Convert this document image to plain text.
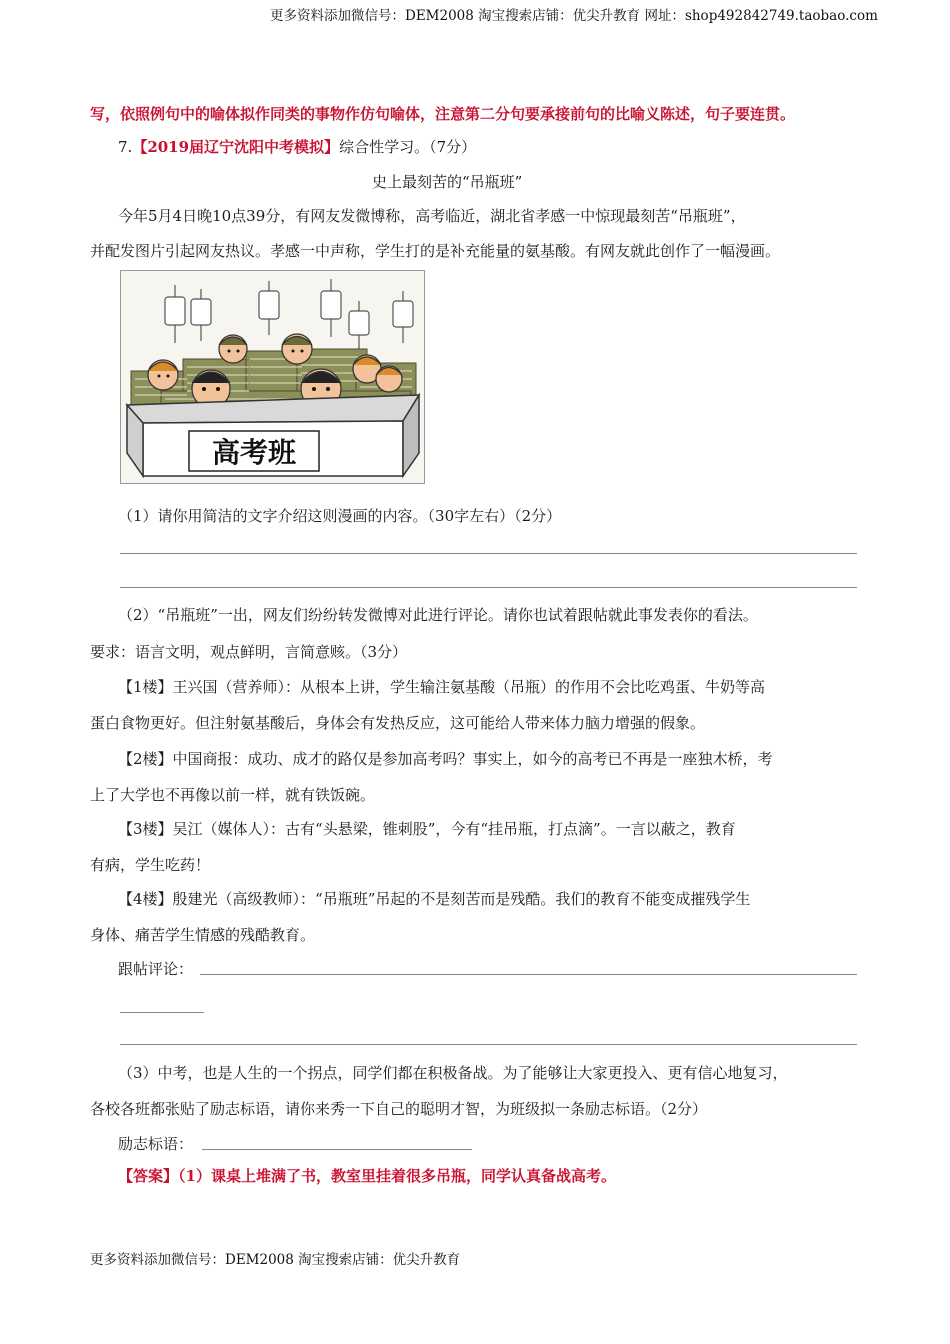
更多资料添加微信号：DEM2008 淘宝搜索店铺：优尖升教育 网址：shop492842749.taobao.com
写，依照例句中的喻体拟作同类的事物作仿句喻体，注意第二分句要承接前句的比喻义陈述，句子要连贯。
7.【2019届辽宁沈阳中考模拟】综合性学习。（7分）
史上最刻苦的“吊瓶班”
今年5月4日晚10点39分，有网友发微博称，高考临近，湖北省孝感一中惊现最刻苦“吊瓶班”，
并配发图片引起网友热议。孝感一中声称，学生打的是补充能量的氨基酸。有网友就此创作了一幅漫画。
高考班
（1）请你用简洁的文字介绍这则漫画的内容。（30字左右）（2分）
（2）“吊瓶班”一出，网友们纷纷转发微博对此进行评论。请你也试着跟帖就此事发表你的看法。
要求：语言文明，观点鲜明，言简意赅。（3分）
【1楼】王兴国（营养师）：从根本上讲，学生输注氨基酸（吊瓶）的作用不会比吃鸡蛋、牛奶等高
蛋白食物更好。但注射氨基酸后，身体会有发热反应，这可能给人带来体力脑力增强的假象。
【2楼】中国商报：成功、成才的路仅是参加高考吗？事实上，如今的高考已不再是一座独木桥，考
上了大学也不再像以前一样，就有铁饭碗。
【3楼】吴江（媒体人）：古有“头悬梁，锥刺股”，今有“挂吊瓶，打点滴”。一言以蔽之，教育
有病，学生吃药！
【4楼】殷建光（高级教师）：“吊瓶班”吊起的不是刻苦而是残酷。我们的教育不能变成摧残学生
身体、痛苦学生情感的残酷教育。
跟帖评论：
（3）中考，也是人生的一个拐点，同学们都在积极备战。为了能够让大家更投入、更有信心地复习，
各校各班都张贴了励志标语，请你来秀一下自己的聪明才智，为班级拟一条励志标语。（2分）
励志标语：
【答案】（1）课桌上堆满了书，教室里挂着很多吊瓶，同学认真备战高考。
更多资料添加微信号：DEM2008 淘宝搜索店铺：优尖升教育
